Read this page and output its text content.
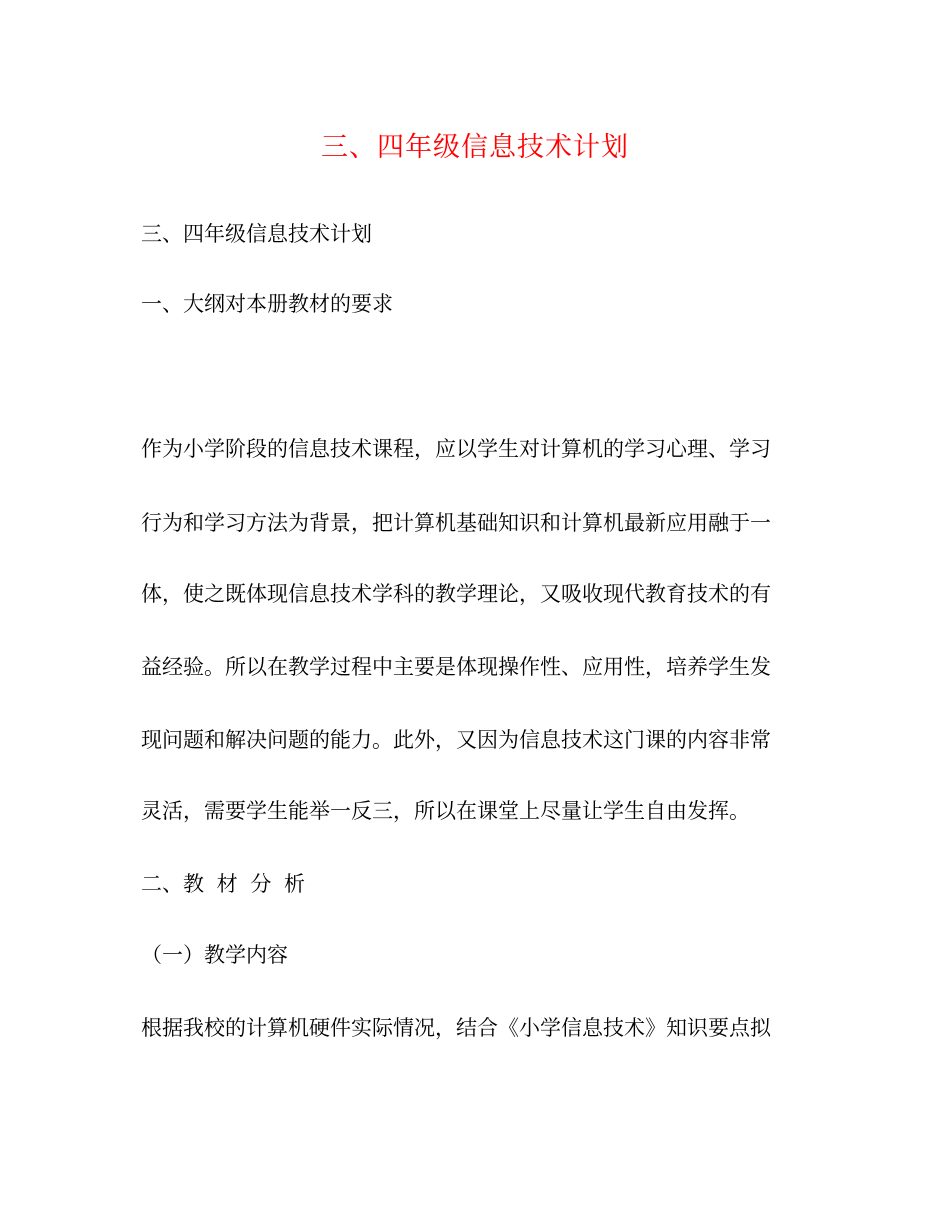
三、四年级信息技术计划
三、四年级信息技术计划
一、大纲对本册教材的要求
作为小学阶段的信息技术课程，应以学生对计算机的学习心理、学习
行为和学习方法为背景，把计算机基础知识和计算机最新应用融于一
体，使之既体现信息技术学科的教学理论，又吸收现代教育技术的有
益经验。所以在教学过程中主要是体现操作性、应用性，培养学生发
现问题和解决问题的能力。此外，又因为信息技术这门课的内容非常
灵活，需要学生能举一反三，所以在课堂上尽量让学生自由发挥。
二、教 材 分 析
（一）教学内容
根据我校的计算机硬件实际情况，结合《小学信息技术》知识要点拟
